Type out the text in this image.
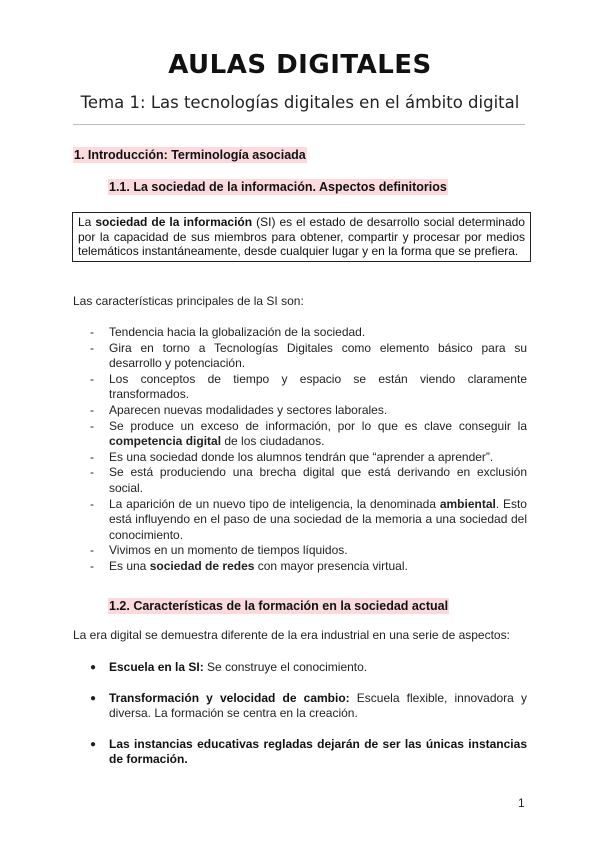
AULAS DIGITALES
Tema 1: Las tecnologías digitales en el ámbito digital
1. Introducción: Terminología asociada
1.1. La sociedad de la información. Aspectos definitorios
La sociedad de la información (SI) es el estado de desarrollo social determinado por la capacidad de sus miembros para obtener, compartir y procesar por medios telemáticos instantáneamente, desde cualquier lugar y en la forma que se prefiera.
Las características principales de la SI son:
- Tendencia hacia la globalización de la sociedad.
- Gira en torno a Tecnologías Digitales como elemento básico para su desarrollo y potenciación.
- Los conceptos de tiempo y espacio se están viendo claramente transformados.
- Aparecen nuevas modalidades y sectores laborales.
- Se produce un exceso de información, por lo que es clave conseguir la competencia digital de los ciudadanos.
- Es una sociedad donde los alumnos tendrán que “aprender a aprender”.
- Se está produciendo una brecha digital que está derivando en exclusión social.
- La aparición de un nuevo tipo de inteligencia, la denominada ambiental. Esto está influyendo en el paso de una sociedad de la memoria a una sociedad del conocimiento.
- Vivimos en un momento de tiempos líquidos.
- Es una sociedad de redes con mayor presencia virtual.
1.2. Características de la formación en la sociedad actual
La era digital se demuestra diferente de la era industrial en una serie de aspectos:
● Escuela en la SI: Se construye el conocimiento.
● Transformación y velocidad de cambio: Escuela flexible, innovadora y diversa. La formación se centra en la creación.
● Las instancias educativas regladas dejarán de ser las únicas instancias de formación.
1
